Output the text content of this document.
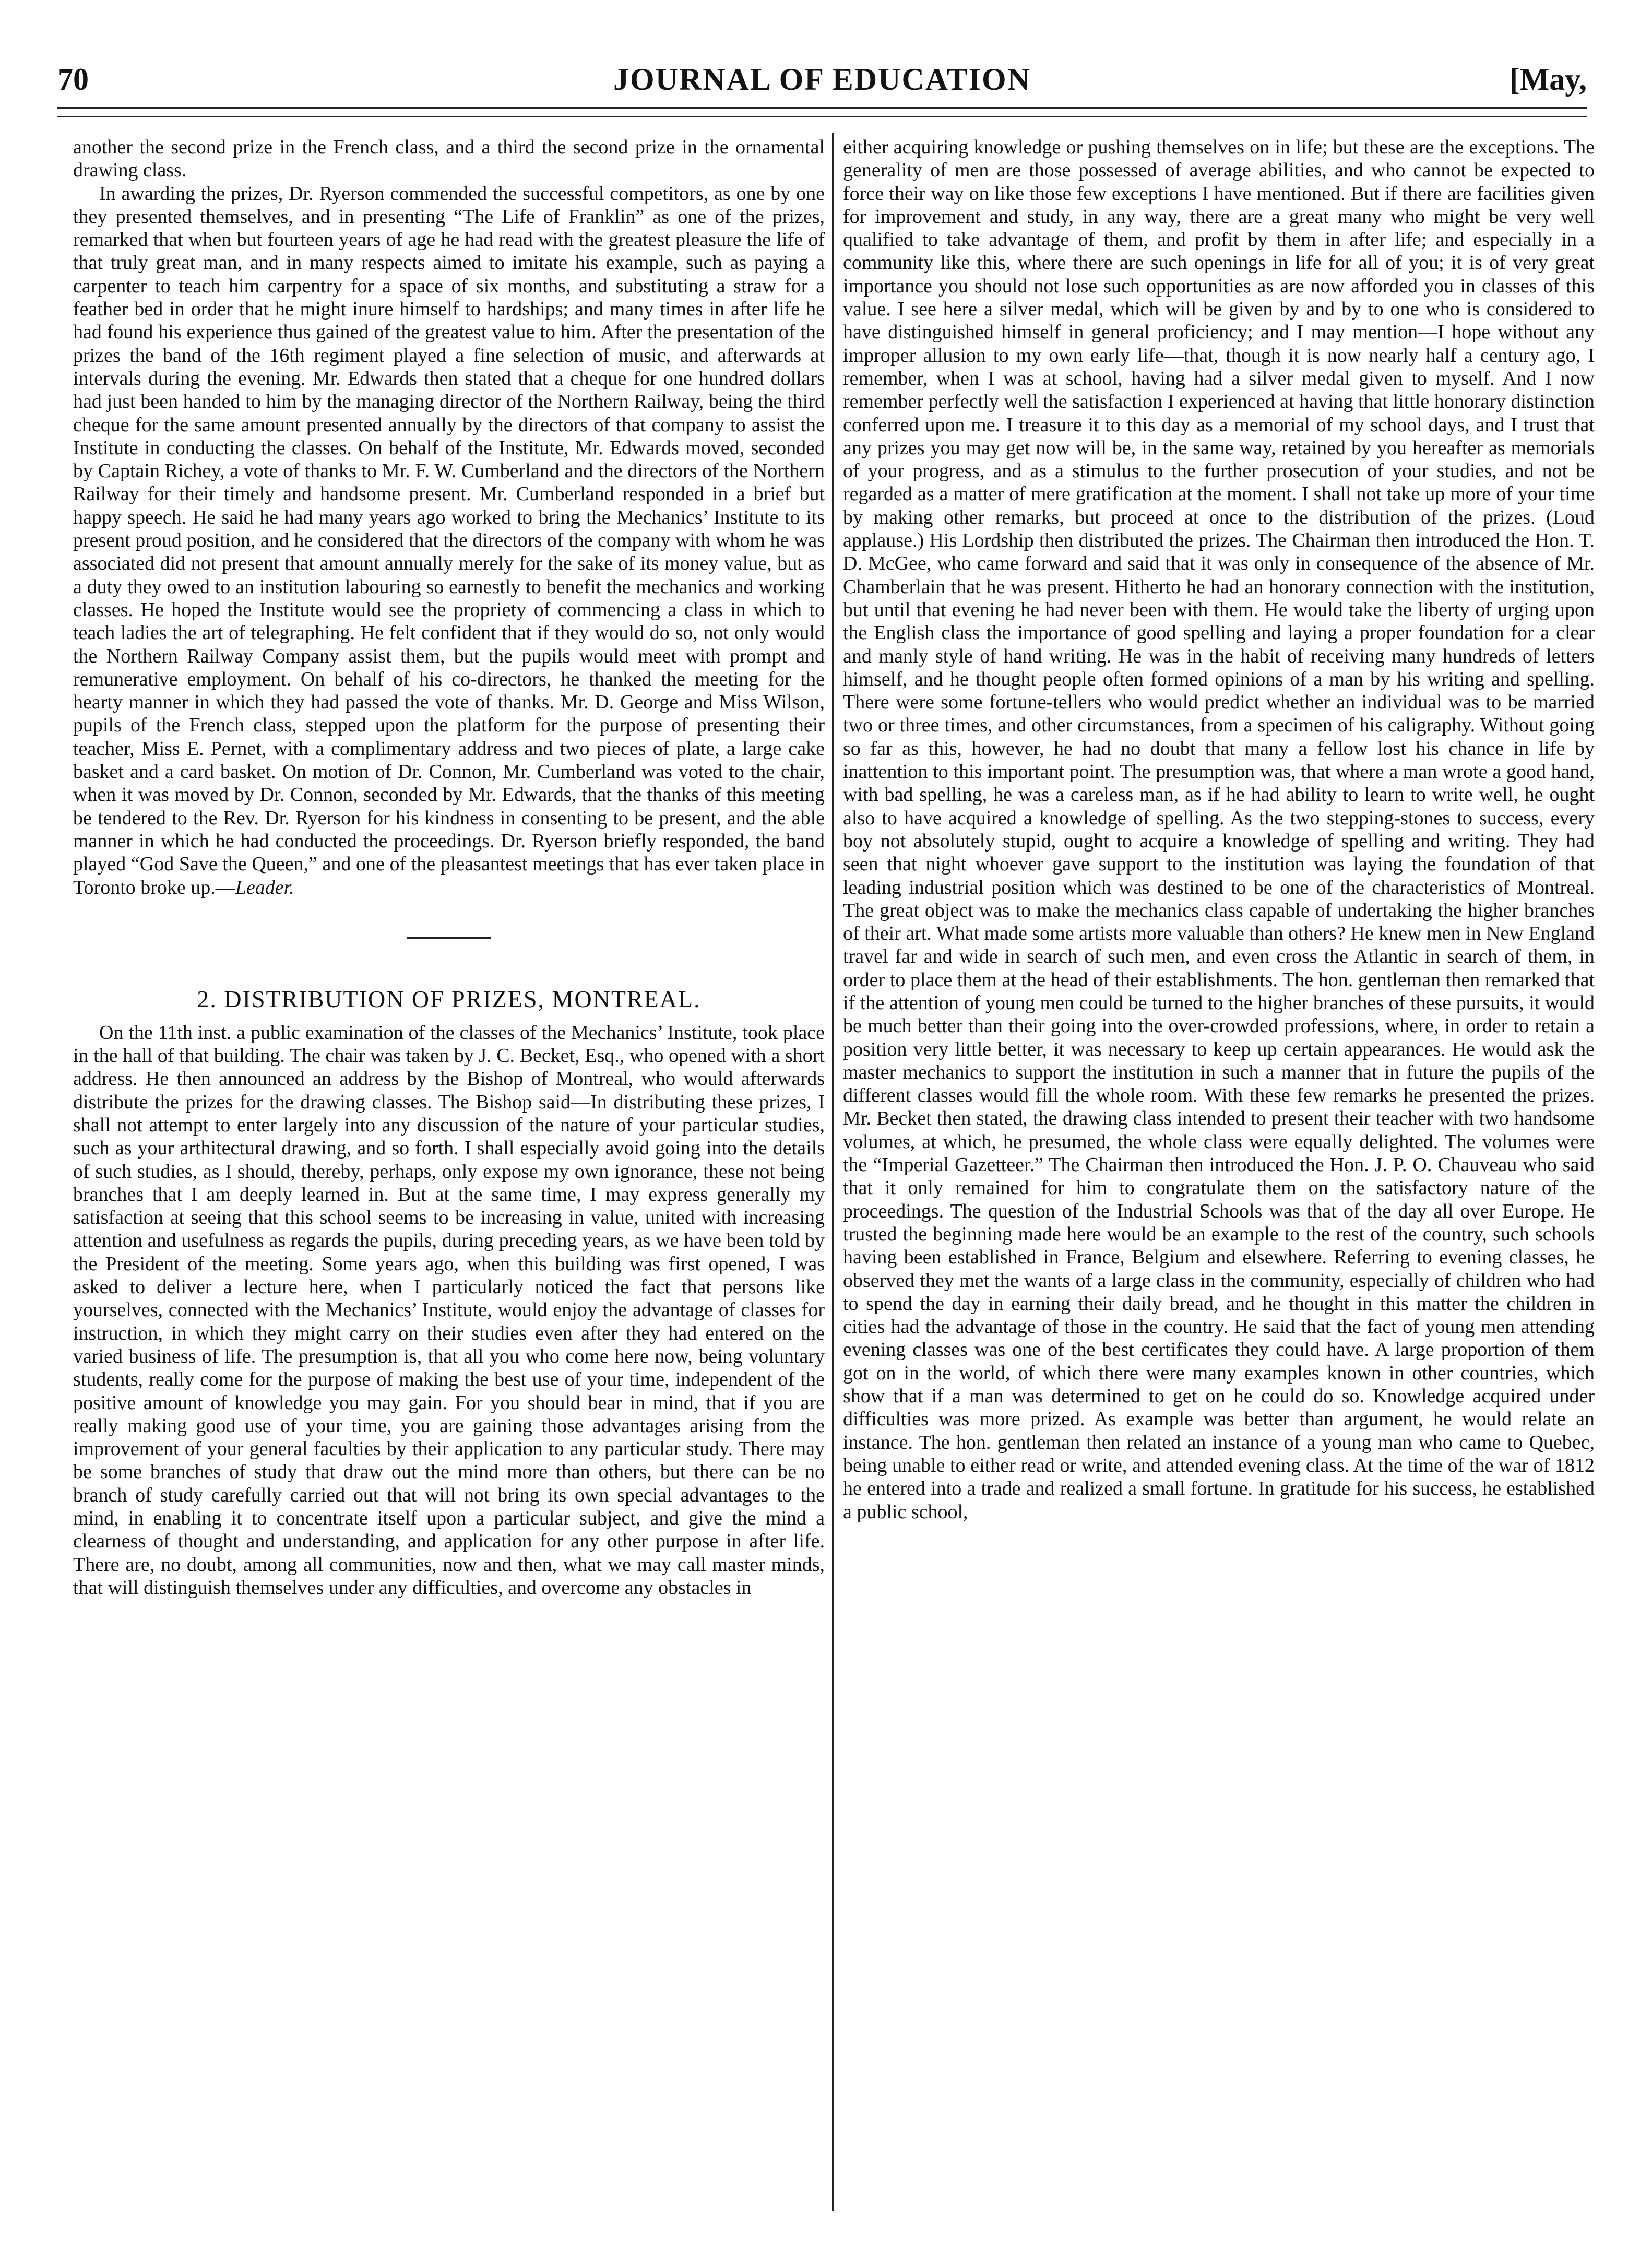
JOURNAL OF EDUCATION
70	[May,

another the second prize in the French class, and a third the second prize in the ornamental drawing class.

In awarding the prizes, Dr. Ryerson commended the successful competitors, as one by one they presented themselves, and in presenting “The Life of Franklin” as one of the prizes, remarked that when but fourteen years of age he had read with the greatest pleasure the life of that truly great man, and in many respects aimed to imitate his example, such as paying a carpenter to teach him carpentry for a space of six months, and substituting a straw for a feather bed in order that he might inure himself to hardships; and many times in after life he had found his experience thus gained of the greatest value to him. After the presentation of the prizes the band of the 16th regiment played a fine selection of music, and afterwards at intervals during the evening. Mr. Edwards then stated that a cheque for one hundred dollars had just been handed to him by the managing director of the Northern Railway, being the third cheque for the same amount presented annually by the directors of that company to assist the Institute in conducting the classes. On behalf of the Institute, Mr. Edwards moved, seconded by Captain Richey, a vote of thanks to Mr. F. W. Cumberland and the directors of the Northern Railway for their timely and handsome present. Mr. Cumberland responded in a brief but happy speech. He said he had many years ago worked to bring the Mechanics’ Institute to its present proud position, and he considered that the directors of the company with whom he was associated did not present that amount annually merely for the sake of its money value, but as a duty they owed to an institution labouring so earnestly to benefit the mechanics and working classes. He hoped the Institute would see the propriety of commencing a class in which to teach ladies the art of telegraphing. He felt confident that if they would do so, not only would the Northern Railway Company assist them, but the pupils would meet with prompt and remunerative employment. On behalf of his co-directors, he thanked the meeting for the hearty manner in which they had passed the vote of thanks. Mr. D. George and Miss Wilson, pupils of the French class, stepped upon the platform for the purpose of presenting their teacher, Miss E. Pernet, with a complimentary address and two pieces of plate, a large cake basket and a card basket. On motion of Dr. Connon, Mr. Cumberland was voted to the chair, when it was moved by Dr. Connon, seconded by Mr. Edwards, that the thanks of this meeting be tendered to the Rev. Dr. Ryerson for his kindness in consenting to be present, and the able manner in which he had conducted the proceedings. Dr. Ryerson briefly responded, the band played “God Save the Queen,” and one of the pleasantest meetings that has ever taken place in Toronto broke up.—Leader.

2. DISTRIBUTION OF PRIZES, MONTREAL.

On the 11th inst. a public examination of the classes of the Mechanics’ Institute, took place in the hall of that building. The chair was taken by J. C. Becket, Esq., who opened with a short address. He then announced an address by the Bishop of Montreal, who would afterwards distribute the prizes for the drawing classes. The Bishop said—In distributing these prizes, I shall not attempt to enter largely into any discussion of the nature of your particular studies, such as your arthitectural drawing, and so forth. I shall especially avoid going into the details of such studies, as I should, thereby, perhaps, only expose my own ignorance, these not being branches that I am deeply learned in. But at the same time, I may express generally my satisfaction at seeing that this school seems to be increasing in value, united with increasing attention and usefulness as regards the pupils, during preceding years, as we have been told by the President of the meeting. Some years ago, when this building was first opened, I was asked to deliver a lecture here, when I particularly noticed the fact that persons like yourselves, connected with the Mechanics’ Institute, would enjoy the advantage of classes for instruction, in which they might carry on their studies even after they had entered on the varied business of life. The presumption is, that all you who come here now, being voluntary students, really come for the purpose of making the best use of your time, independent of the positive amount of knowledge you may gain. For you should bear in mind, that if you are really making good use of your time, you are gaining those advantages arising from the improvement of your general faculties by their application to any particular study. There may be some branches of study that draw out the mind more than others, but there can be no branch of study carefully carried out that will not bring its own special advantages to the mind, in enabling it to concentrate itself upon a particular subject, and give the mind a clearness of thought and understanding, and application for any other purpose in after life. There are, no doubt, among all communities, now and then, what we may call master minds, that will distinguish themselves under any difficulties, and overcome any obstacles in

either acquiring knowledge or pushing themselves on in life; but these are the exceptions. The generality of men are those possessed of average abilities, and who cannot be expected to force their way on like those few exceptions I have mentioned. But if there are facilities given for improvement and study, in any way, there are a great many who might be very well qualified to take advantage of them, and profit by them in after life; and especially in a community like this, where there are such openings in life for all of you; it is of very great importance you should not lose such opportunities as are now afforded you in classes of this value. I see here a silver medal, which will be given by and by to one who is considered to have distinguished himself in general proficiency; and I may mention—I hope without any improper allusion to my own early life—that, though it is now nearly half a century ago, I remember, when I was at school, having had a silver medal given to myself. And I now remember perfectly well the satisfaction I experienced at having that little honorary distinction conferred upon me. I treasure it to this day as a memorial of my school days, and I trust that any prizes you may get now will be, in the same way, retained by you hereafter as memorials of your progress, and as a stimulus to the further prosecution of your studies, and not be regarded as a matter of mere gratification at the moment. I shall not take up more of your time by making other remarks, but proceed at once to the distribution of the prizes. (Loud applause.) His Lordship then distributed the prizes. The Chairman then introduced the Hon. T. D. McGee, who came forward and said that it was only in consequence of the absence of Mr. Chamberlain that he was present. Hitherto he had an honorary connection with the institution, but until that evening he had never been with them. He would take the liberty of urging upon the English class the importance of good spelling and laying a proper foundation for a clear and manly style of hand writing. He was in the habit of receiving many hundreds of letters himself, and he thought people often formed opinions of a man by his writing and spelling. There were some fortune-tellers who would predict whether an individual was to be married two or three times, and other circumstances, from a specimen of his caligraphy. Without going so far as this, however, he had no doubt that many a fellow lost his chance in life by inattention to this important point. The presumption was, that where a man wrote a good hand, with bad spelling, he was a careless man, as if he had ability to learn to write well, he ought also to have acquired a knowledge of spelling. As the two stepping-stones to success, every boy not absolutely stupid, ought to acquire a knowledge of spelling and writing. They had seen that night whoever gave support to the institution was laying the foundation of that leading industrial position which was destined to be one of the characteristics of Montreal. The great object was to make the mechanics class capable of undertaking the higher branches of their art. What made some artists more valuable than others? He knew men in New England travel far and wide in search of such men, and even cross the Atlantic in search of them, in order to place them at the head of their establishments. The hon. gentleman then remarked that if the attention of young men could be turned to the higher branches of these pursuits, it would be much better than their going into the over-crowded professions, where, in order to retain a position very little better, it was necessary to keep up certain appearances. He would ask the master mechanics to support the institution in such a manner that in future the pupils of the different classes would fill the whole room. With these few remarks he presented the prizes. Mr. Becket then stated, the drawing class intended to present their teacher with two handsome volumes, at which, he presumed, the whole class were equally delighted. The volumes were the “Imperial Gazetteer.” The Chairman then introduced the Hon. J. P. O. Chauveau who said that it only remained for him to congratulate them on the satisfactory nature of the proceedings. The question of the Industrial Schools was that of the day all over Europe. He trusted the beginning made here would be an example to the rest of the country, such schools having been established in France, Belgium and elsewhere. Referring to evening classes, he observed they met the wants of a large class in the community, especially of children who had to spend the day in earning their daily bread, and he thought in this matter the children in cities had the advantage of those in the country. He said that the fact of young men attending evening classes was one of the best certificates they could have. A large proportion of them got on in the world, of which there were many examples known in other countries, which show that if a man was determined to get on he could do so. Knowledge acquired under difficulties was more prized. As example was better than argument, he would relate an instance. The hon. gentleman then related an instance of a young man who came to Quebec, being unable to either read or write, and attended evening class. At the time of the war of 1812 he entered into a trade and realized a small fortune. In gratitude for his success, he established a public school,
